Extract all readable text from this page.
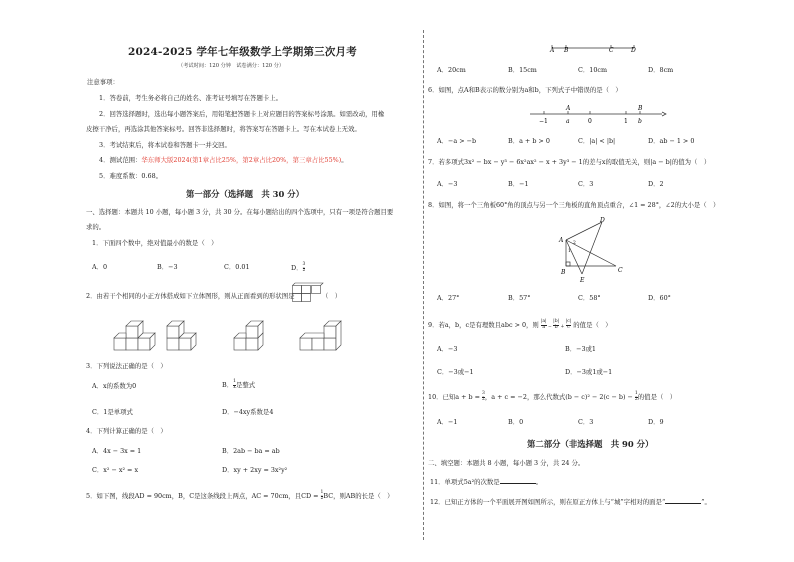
2024-2025 学年七年级数学上学期第三次月考
（考试时间：120 分钟　试卷满分：120 分）
注意事项：
1．答卷前，考生务必将自己的姓名、准考证号填写在答题卡上。
2．回答选择题时，选出每小题答案后，用铅笔把答题卡上对应题目的答案标号涂黑。如需改动，用橡
皮擦干净后，再选涂其他答案标号。回答非选择题时，将答案写在答题卡上。写在本试卷上无效。
3．考试结束后，将本试卷和答题卡一并交回。
4．测试范围：华东师大版2024(第1章占比25%，第2章占比20%，第三章占比55%)。
5．难度系数：0.68。
第一部分（选择题　共 30 分）
一、选择题：本题共 10 小题，每小题 3 分，共 30 分。在每小题给出的四个选项中，只有一项是符合题目要
求的。
1．下面四个数中，绝对值最小的数是（　）
A．0	B．−3	C．0.01	D． $\frac{3}{2}$
2．由若干个相同的小正方体搭成如下立体图形，则从正面看到的形状图是	（　）
3．下列说法正确的是（　）
A．x的系数为0	B． $\frac{1}{x}$ 是整式
C．1是单项式	D．−4xy系数是4
4．下列计算正确的是（　）
A．4x − 3x = 1	B．2ab − ba = ab
C．x² − x² = x	D．xy + 2xy = 3x²y²
5．如下图，线段AD = 90cm，B，C是这条线段上两点，AC = 70cm，且CD = $\frac{1}{2}$ BC，则AB的长是（　）
A B	C	D
A．20cm	B．15cm	C．10cm	D．8cm
6．如图，点A和B表示的数分别为a和b，下列式子中错误的是（　）
A	B
−1	a	0	1 b
A．−a > −b	B．a + b > 0	C．|a| < |b|	D．ab − 1 > 0
7．若多项式3x² − bx − y³ − 6x²ax² − x + 3y³ − 1的差与x的取值无关，则|a − b|的值为（　）
A．−3	B．−1	C．3	D．2
8．如图，将一个三角板60°角的顶点与另一个三角板的直角顶点重合，∠1 = 28°，∠2的大小是（　）
A
D
B
E
C
1
2
A．27°	B．57°	C．58°	D．60°
9．若a，b，c是有理数且abc > 0，则 $\frac{|a|}{a} - \frac{|b|}{b} + \frac{|c|}{c}$ 的值是（　）
A．−3	B．−3或1
C．−3或−1	D．−3或1或−1
10．已知$a + b = \frac{3}{2}$ ，a + c = −2，那么代数式$(b - c)^2 - 2(c - b) - \frac{1}{2}$ 的值是（　）
A．−1	B．0	C．3	D．9
第二部分（非选择题　共 90 分）
二、填空题：本题共 8 小题，每小题 3 分，共 24 分。
11．单项式5a²的次数是	。
12．已知正方体的一个平面展开图如图所示，则在原正方体上与“城”字相对的面是“	”。
